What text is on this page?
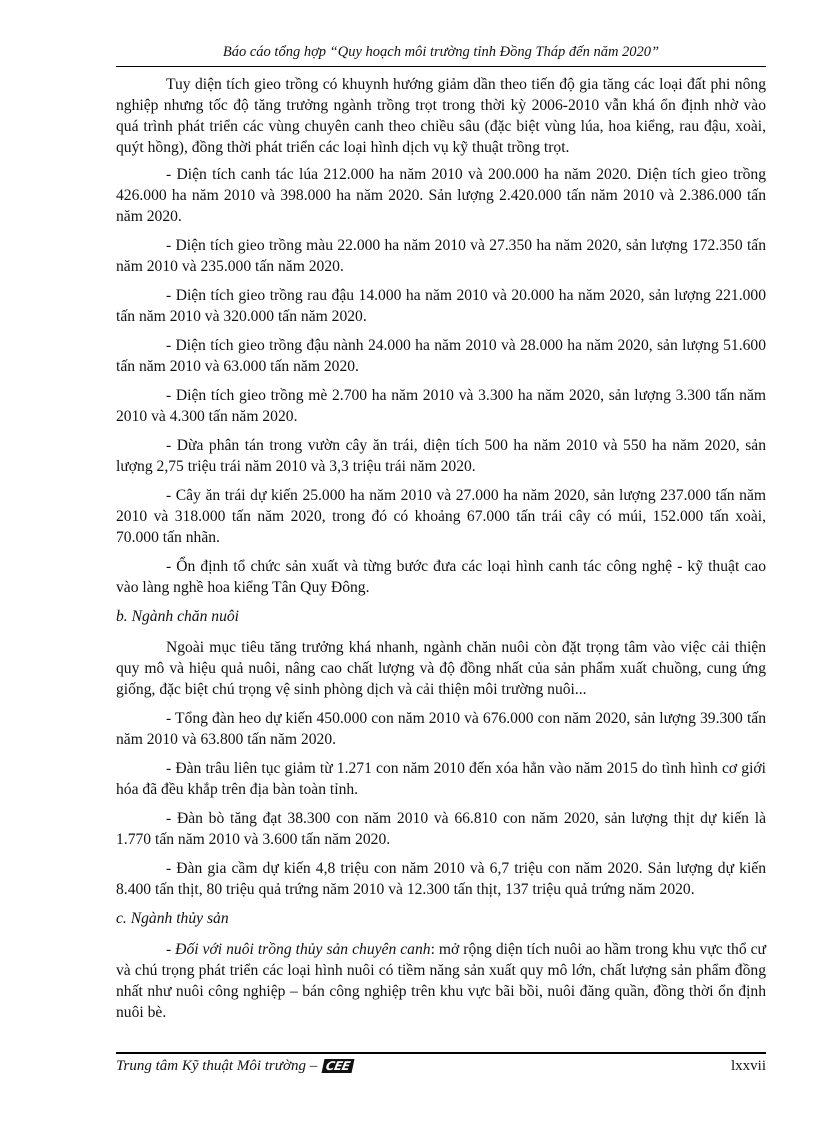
Báo cáo tổng hợp “Quy hoạch môi trường tỉnh Đồng Tháp đến năm 2020”

Tuy diện tích gieo trồng có khuynh hướng giảm dần theo tiến độ gia tăng các loại đất phi nông nghiệp nhưng tốc độ tăng trưởng ngành trồng trọt trong thời kỳ 2006-2010 vẫn khá ổn định nhờ vào quá trình phát triển các vùng chuyên canh theo chiều sâu (đặc biệt vùng lúa, hoa kiểng, rau đậu, xoài, quýt hồng), đồng thời phát triển các loại hình dịch vụ kỹ thuật trồng trọt.

- Diện tích canh tác lúa 212.000 ha năm 2010 và 200.000 ha năm 2020. Diện tích gieo trồng 426.000 ha năm 2010 và 398.000 ha năm 2020. Sản lượng 2.420.000 tấn năm 2010 và 2.386.000 tấn năm 2020.

- Diện tích gieo trồng màu 22.000 ha năm 2010 và 27.350 ha năm 2020, sản lượng 172.350 tấn năm 2010 và 235.000 tấn năm 2020.

- Diện tích gieo trồng rau đậu 14.000 ha năm 2010 và 20.000 ha năm 2020, sản lượng 221.000 tấn năm 2010 và 320.000 tấn năm 2020.

- Diện tích gieo trồng đậu nành 24.000 ha năm 2010 và 28.000 ha năm 2020, sản lượng 51.600 tấn năm 2010 và 63.000 tấn năm 2020.

- Diện tích gieo trồng mè 2.700 ha năm 2010 và 3.300 ha năm 2020, sản lượng 3.300 tấn năm 2010 và 4.300 tấn năm 2020.

- Dừa phân tán trong vườn cây ăn trái, diện tích 500 ha năm 2010 và 550 ha năm 2020, sản lượng 2,75 triệu trái năm 2010 và 3,3 triệu trái năm 2020.

- Cây ăn trái dự kiến 25.000 ha năm 2010 và 27.000 ha năm 2020, sản lượng 237.000 tấn năm 2010 và 318.000 tấn năm 2020, trong đó có khoảng 67.000 tấn trái cây có múi, 152.000 tấn xoài, 70.000 tấn nhãn.

- Ổn định tổ chức sản xuất và từng bước đưa các loại hình canh tác công nghệ - kỹ thuật cao vào làng nghề hoa kiểng Tân Quy Đông.

b. Ngành chăn nuôi

Ngoài mục tiêu tăng trưởng khá nhanh, ngành chăn nuôi còn đặt trọng tâm vào việc cải thiện quy mô và hiệu quả nuôi, nâng cao chất lượng và độ đồng nhất của sản phẩm xuất chuồng, cung ứng giống, đặc biệt chú trọng vệ sinh phòng dịch và cải thiện môi trường nuôi...

- Tổng đàn heo dự kiến 450.000 con năm 2010 và 676.000 con năm 2020, sản lượng 39.300 tấn năm 2010 và 63.800 tấn năm 2020.

- Đàn trâu liên tục giảm từ 1.271 con năm 2010 đến xóa hẳn vào năm 2015 do tình hình cơ giới hóa đã đều khắp trên địa bàn toàn tỉnh.

- Đàn bò tăng đạt 38.300 con năm 2010 và 66.810 con năm 2020, sản lượng thịt dự kiến là 1.770 tấn năm 2010 và 3.600 tấn năm 2020.

- Đàn gia cầm dự kiến 4,8 triệu con năm 2010 và 6,7 triệu con năm 2020. Sản lượng dự kiến 8.400 tấn thịt, 80 triệu quả trứng năm 2010 và 12.300 tấn thịt, 137 triệu quả trứng năm 2020.

c. Ngành thủy sản

- Đối với nuôi trồng thủy sản chuyên canh: mở rộng diện tích nuôi ao hầm trong khu vực thổ cư và chú trọng phát triển các loại hình nuôi có tiềm năng sản xuất quy mô lớn, chất lượng sản phẩm đồng nhất như nuôi công nghiệp – bán công nghiệp trên khu vực bãi bồi, nuôi đăng quần, đồng thời ổn định nuôi bè.

Trung tâm Kỹ thuật Môi trường – CEE	lxxvii
